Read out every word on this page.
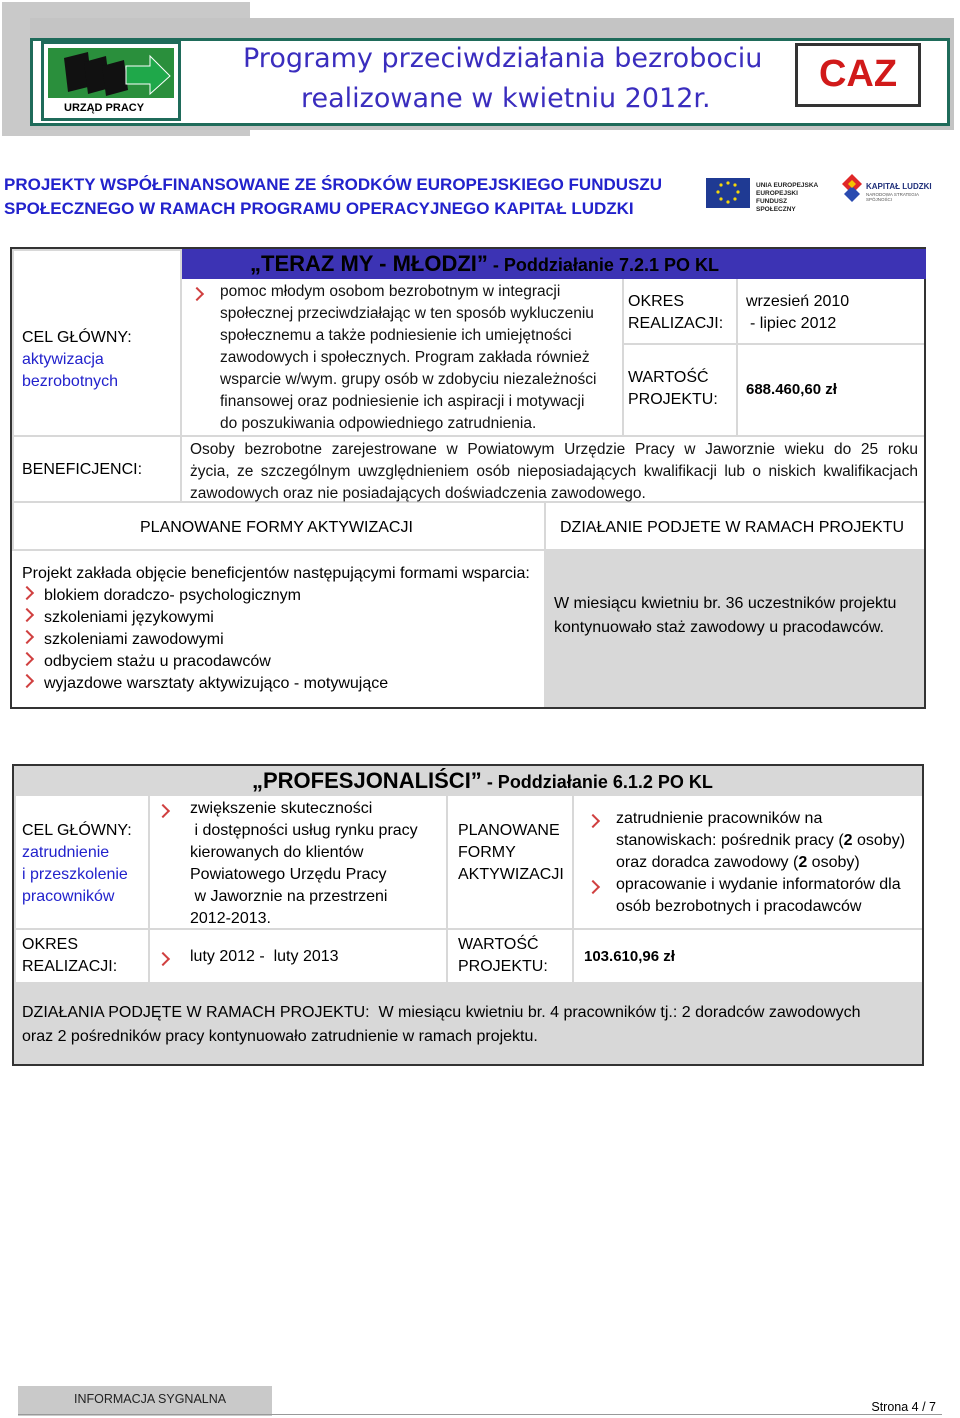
URZĄD PRACY
Programy przeciwdziałania bezrobociu
realizowane w kwietniu 2012r.
CAZ
PROJEKTY WSPÓŁFINANSOWANE ZE ŚRODKÓW EUROPEJSKIEGO FUNDUSZU
SPOŁECZNEGO W RAMACH PROGRAMU OPERACYJNEGO KAPITAŁ LUDZKI
UNIA EUROPEJSKA
EUROPEJSKI
FUNDUSZ SPOŁECZNY
KAPITAŁ LUDZKI
NARODOWA STRATEGIA SPÓJNOŚCI
CEL GŁÓWNY:
aktywizacja
bezrobotnych
BENEFICJENCI:
„TERAZ MY - MŁODZI” - Poddziałanie 7.2.1 PO KL
pomoc młodym osobom bezrobotnym w integracji
społecznej przeciwdziałając w ten sposób wykluczeniu
społecznemu a także podniesienie ich umiejętności
zawodowych i społecznych. Program zakłada również
wsparcie w/wym. grupy osób w zdobyciu niezależności
finansowej oraz podniesienie ich aspiracji i motywacji
do poszukiwania odpowiedniego zatrudnienia.
OKRES
REALIZACJI:
wrzesień 2010
- lipiec 2012
WARTOŚĆ
PROJEKTU:
688.460,60 zł
Osoby bezrobotne zarejestrowane w Powiatowym Urzędzie Pracy w Jaworznie wieku do 25 roku
życia, ze szczególnym uwzględnieniem osób nieposiadających kwalifikacji lub o niskich kwalifikacjach
zawodowych oraz nie posiadających doświadczenia zawodowego.
PLANOWANE FORMY AKTYWIZACJI	DZIAŁANIE PODJETE W RAMACH PROJEKTU
Projekt zakłada objęcie beneficjentów następującymi formami wsparcia:
blokiem doradczo- psychologicznym
szkoleniami językowymi
szkoleniami zawodowymi
odbyciem stażu u pracodawców
wyjazdowe warsztaty aktywizująco - motywujące
W miesiącu kwietniu br. 36 uczestników projektu
kontynuowało staż zawodowy u pracodawców.
„PROFESJONALIŚCI” - Poddziałanie 6.1.2 PO KL
CEL GŁÓWNY:
zatrudnienie
i przeszkolenie
pracowników
zwiększenie skuteczności
i dostępności usług rynku pracy
kierowanych do klientów
Powiatowego Urzędu Pracy
w Jaworznie na przestrzeni
2012-2013.
PLANOWANE
FORMY
AKTYWIZACJI
zatrudnienie pracowników na
stanowiskach: pośrednik pracy (2 osoby)
oraz doradca zawodowy (2 osoby)
opracowanie i wydanie informatorów dla
osób bezrobotnych i pracodawców
OKRES
REALIZACJI:
luty 2012 -  luty 2013
WARTOŚĆ
PROJEKTU:
103.610,96 zł
DZIAŁANIA PODJĘTE W RAMACH PROJEKTU:  W miesiącu kwietniu br. 4 pracowników tj.: 2 doradców zawodowych
oraz 2 pośredników pracy kontynuowało zatrudnienie w ramach projektu.
INFORMACJA SYGNALNA
Strona 4 / 7
